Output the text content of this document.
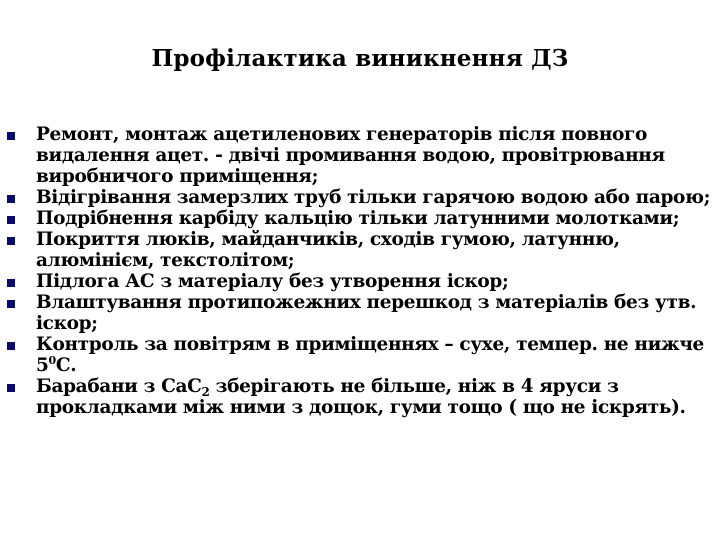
Профілактика виникнення ДЗ
Ремонт, монтаж ацетиленових генераторів після повного видалення ацет. - двічі промивання водою, провітрювання виробничого приміщення;
Відігрівання замерзлих труб тільки гарячою водою або парою;
Подрібнення карбіду кальцію тільки латунними молотками;
Покриття люків, майданчиків, сходів гумою, латунню, алюмінієм, текстолітом;
Підлога АС з матеріалу без утворення іскор;
Влаштування протипожежних перешкод з матеріалів без утв. іскор;
Контроль за повітрям в приміщеннях – сухе, темпер. не нижче $5^0С$.
Барабани з CaC$_2$ зберігають не більше, ніж в 4 яруси з прокладками між ними з дощок, гуми тощо ( що не іскрять).
